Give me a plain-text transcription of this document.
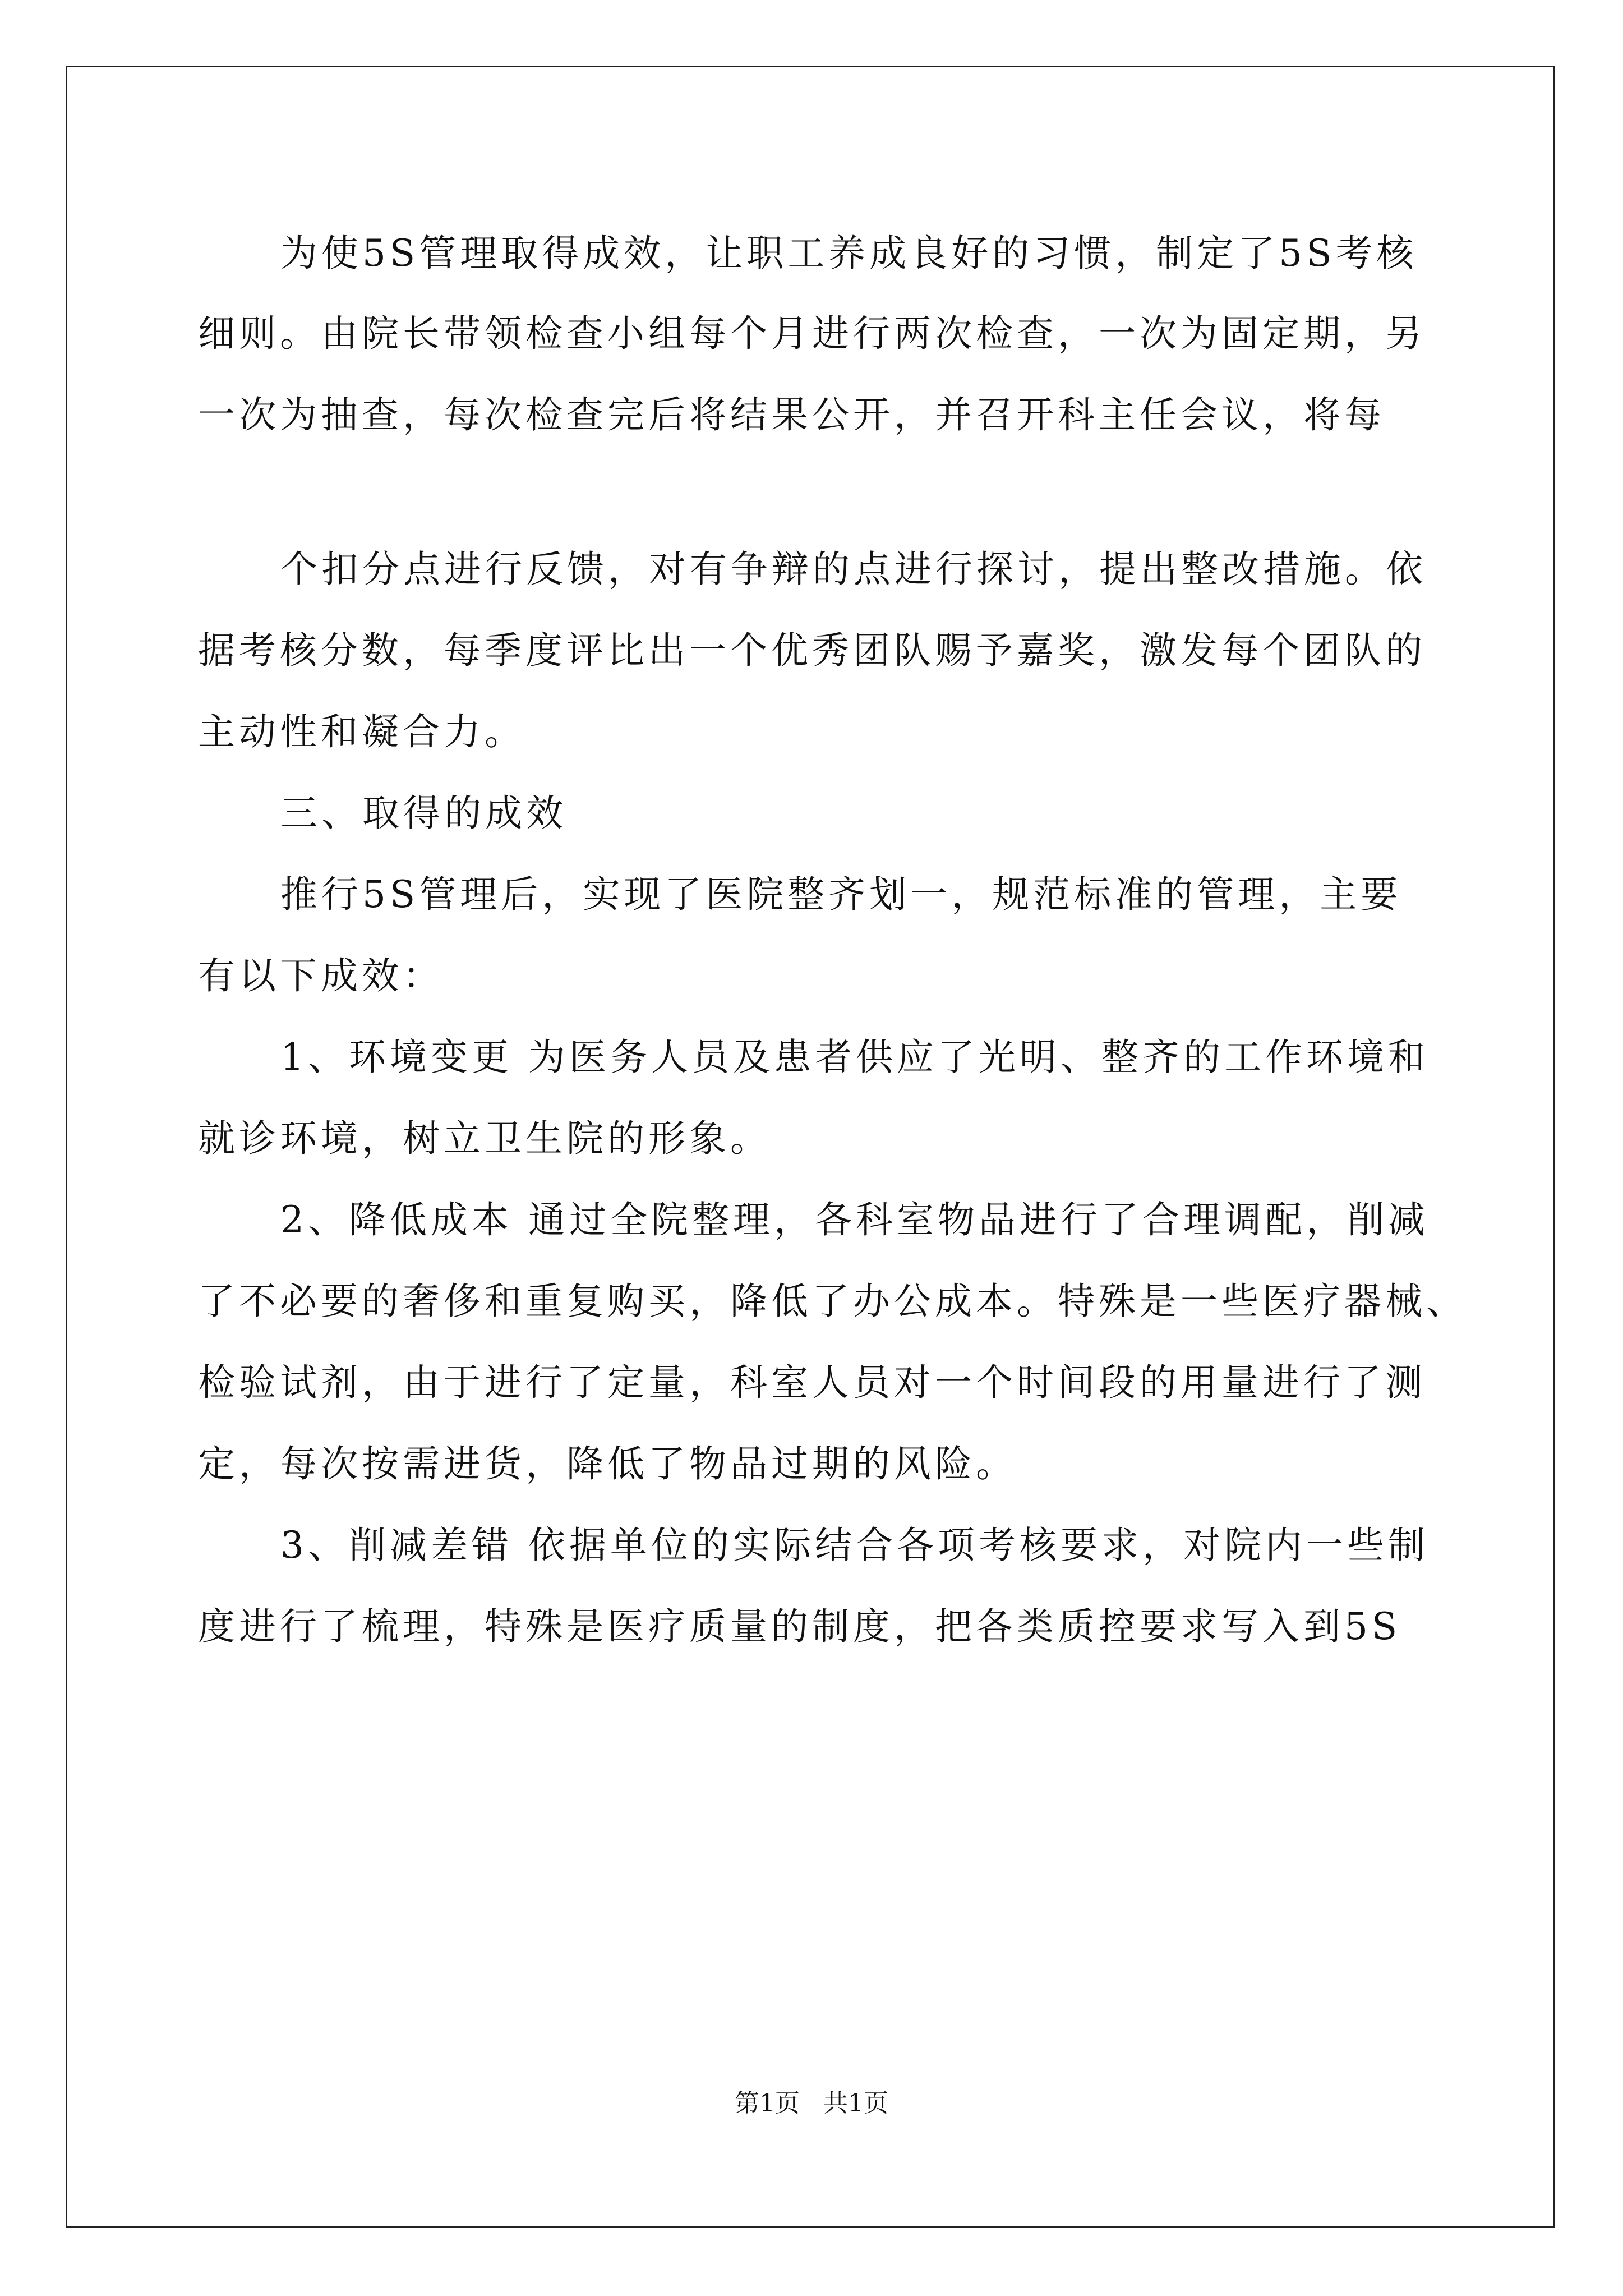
为使5S管理取得成效，让职工养成良好的习惯，制定了5S考核
细则。由院长带领检查小组每个月进行两次检查，一次为固定期，另
一次为抽查，每次检查完后将结果公开，并召开科主任会议，将每
个扣分点进行反馈，对有争辩的点进行探讨，提出整改措施。依
据考核分数，每季度评比出一个优秀团队赐予嘉奖，激发每个团队的
主动性和凝合力。
三、取得的成效
推行5S管理后，实现了医院整齐划一，规范标准的管理，主要
有以下成效：
1、环境变更 为医务人员及患者供应了光明、整齐的工作环境和
就诊环境，树立卫生院的形象。
2、降低成本 通过全院整理，各科室物品进行了合理调配，削减
了不必要的奢侈和重复购买，降低了办公成本。特殊是一些医疗器械、
检验试剂，由于进行了定量，科室人员对一个时间段的用量进行了测
定，每次按需进货，降低了物品过期的风险。
3、削减差错 依据单位的实际结合各项考核要求，对院内一些制
度进行了梳理，特殊是医疗质量的制度，把各类质控要求写入到5S
第1页   共1页
